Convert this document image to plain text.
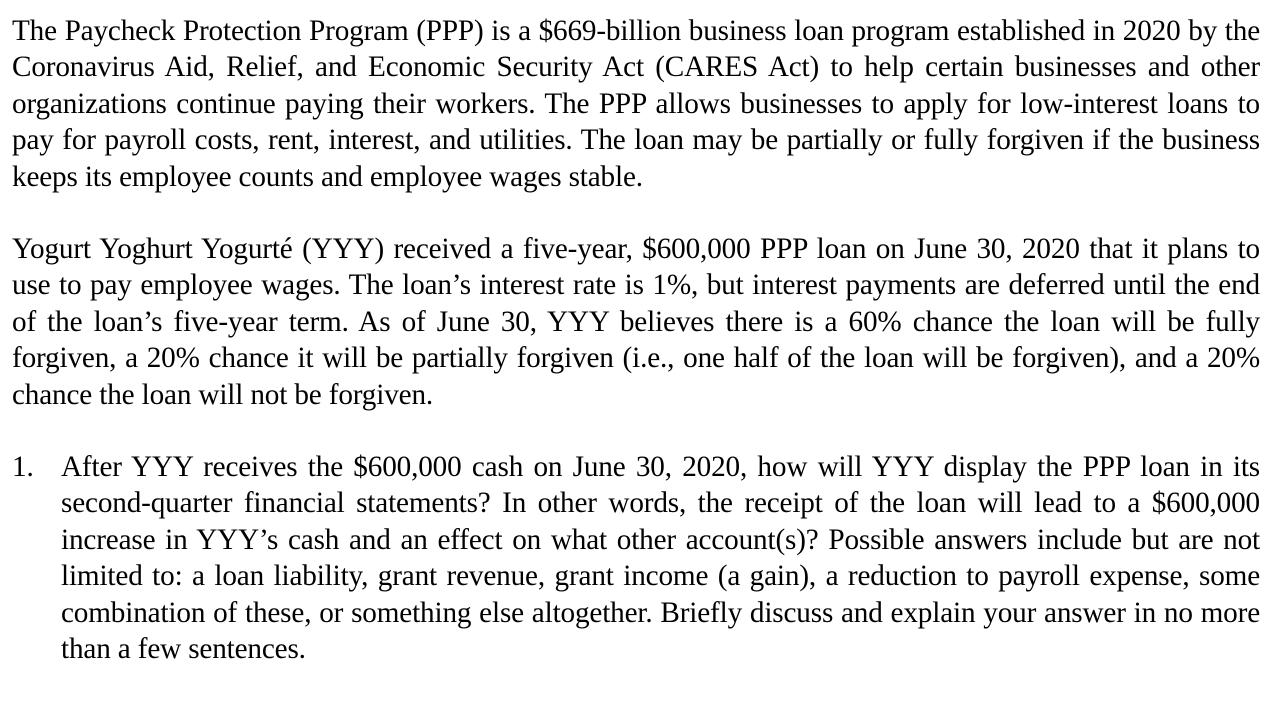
The Paycheck Protection Program (PPP) is a $669-billion business loan program established in 2020 by the Coronavirus Aid, Relief, and Economic Security Act (CARES Act) to help certain businesses and other organizations continue paying their workers. The PPP allows businesses to apply for low-interest loans to pay for payroll costs, rent, interest, and utilities. The loan may be partially or fully forgiven if the business keeps its employee counts and employee wages stable.

Yogurt Yoghurt Yogurté (YYY) received a five-year, $600,000 PPP loan on June 30, 2020 that it plans to use to pay employee wages. The loan’s interest rate is 1%, but interest payments are deferred until the end of the loan’s five-year term. As of June 30, YYY believes there is a 60% chance the loan will be fully forgiven, a 20% chance it will be partially forgiven (i.e., one half of the loan will be forgiven), and a 20% chance the loan will not be forgiven.

1. After YYY receives the $600,000 cash on June 30, 2020, how will YYY display the PPP loan in its second-quarter financial statements? In other words, the receipt of the loan will lead to a $600,000 increase in YYY’s cash and an effect on what other account(s)? Possible answers include but are not limited to: a loan liability, grant revenue, grant income (a gain), a reduction to payroll expense, some combination of these, or something else altogether. Briefly discuss and explain your answer in no more than a few sentences.
